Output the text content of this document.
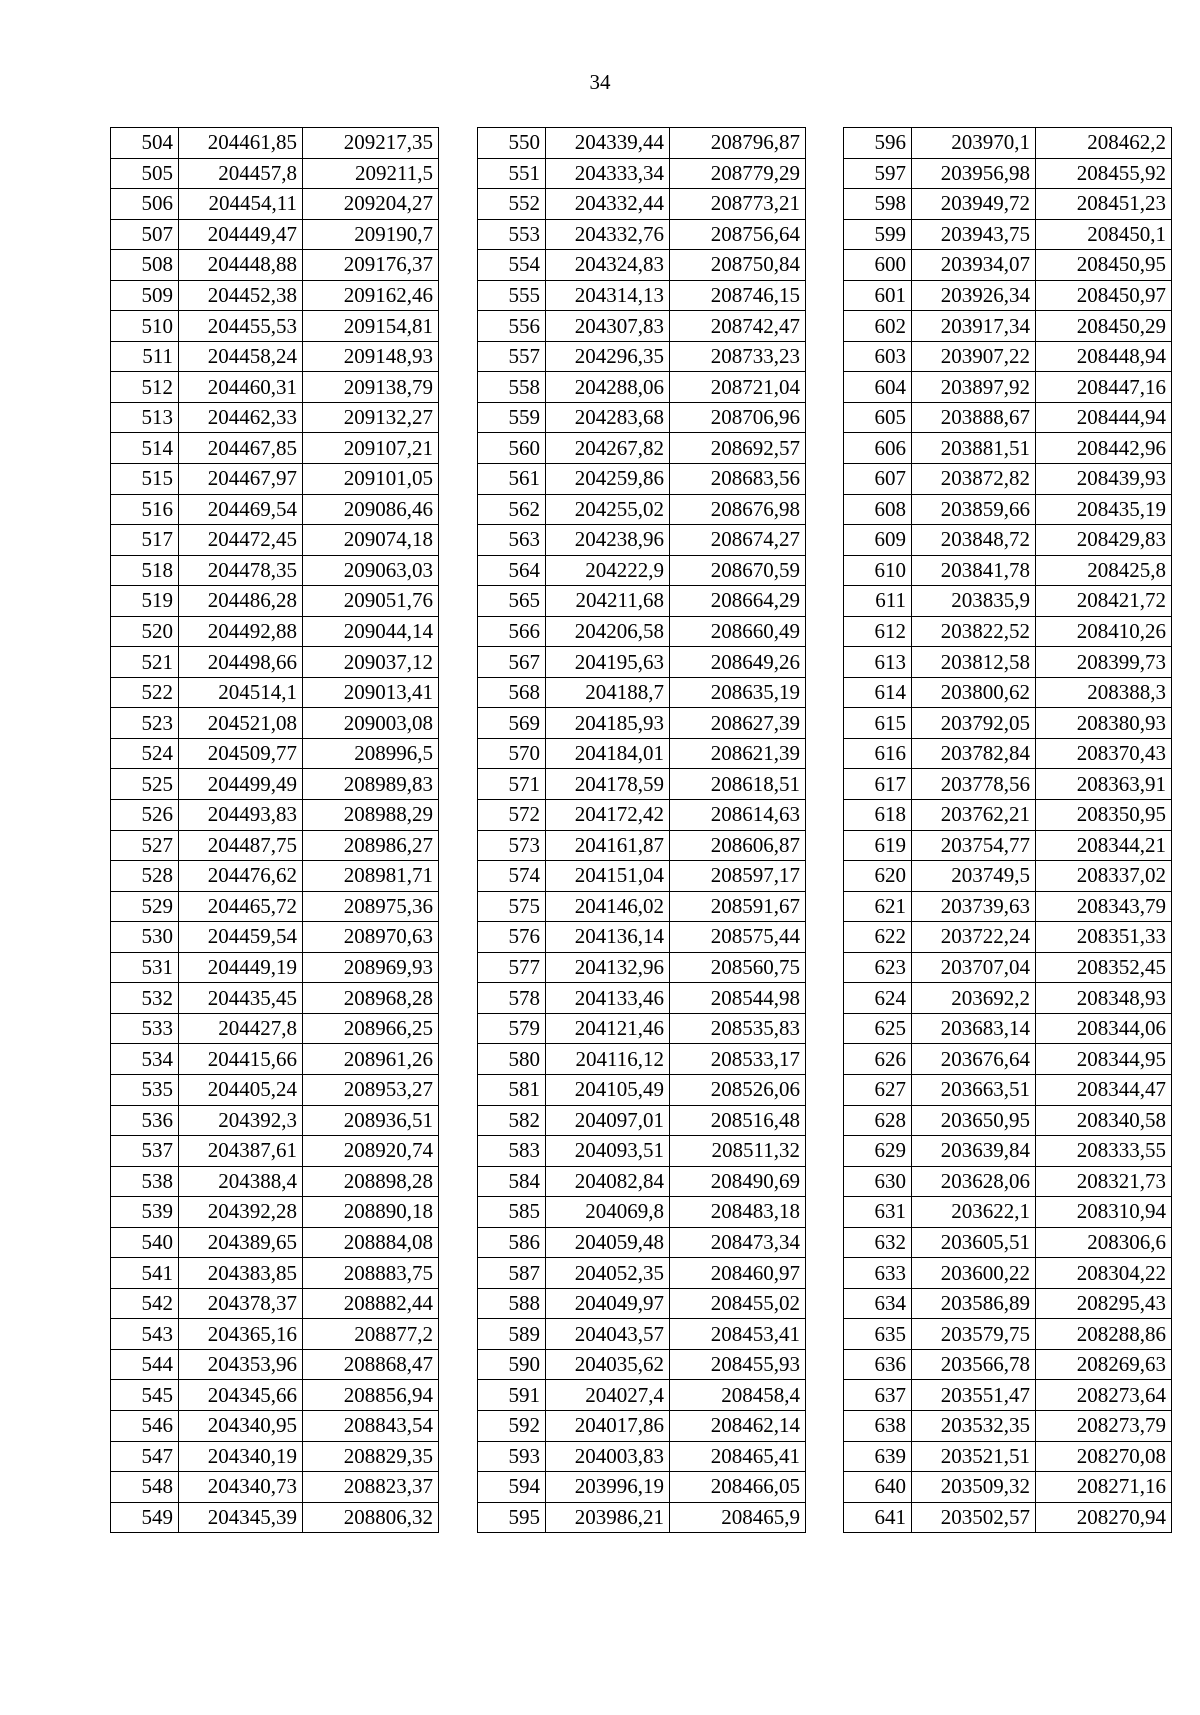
34
504	204461,85	209217,35
505	204457,8	209211,5
506	204454,11	209204,27
507	204449,47	209190,7
508	204448,88	209176,37
509	204452,38	209162,46
510	204455,53	209154,81
511	204458,24	209148,93
512	204460,31	209138,79
513	204462,33	209132,27
514	204467,85	209107,21
515	204467,97	209101,05
516	204469,54	209086,46
517	204472,45	209074,18
518	204478,35	209063,03
519	204486,28	209051,76
520	204492,88	209044,14
521	204498,66	209037,12
522	204514,1	209013,41
523	204521,08	209003,08
524	204509,77	208996,5
525	204499,49	208989,83
526	204493,83	208988,29
527	204487,75	208986,27
528	204476,62	208981,71
529	204465,72	208975,36
530	204459,54	208970,63
531	204449,19	208969,93
532	204435,45	208968,28
533	204427,8	208966,25
534	204415,66	208961,26
535	204405,24	208953,27
536	204392,3	208936,51
537	204387,61	208920,74
538	204388,4	208898,28
539	204392,28	208890,18
540	204389,65	208884,08
541	204383,85	208883,75
542	204378,37	208882,44
543	204365,16	208877,2
544	204353,96	208868,47
545	204345,66	208856,94
546	204340,95	208843,54
547	204340,19	208829,35
548	204340,73	208823,37
549	204345,39	208806,32
550	204339,44	208796,87
551	204333,34	208779,29
552	204332,44	208773,21
553	204332,76	208756,64
554	204324,83	208750,84
555	204314,13	208746,15
556	204307,83	208742,47
557	204296,35	208733,23
558	204288,06	208721,04
559	204283,68	208706,96
560	204267,82	208692,57
561	204259,86	208683,56
562	204255,02	208676,98
563	204238,96	208674,27
564	204222,9	208670,59
565	204211,68	208664,29
566	204206,58	208660,49
567	204195,63	208649,26
568	204188,7	208635,19
569	204185,93	208627,39
570	204184,01	208621,39
571	204178,59	208618,51
572	204172,42	208614,63
573	204161,87	208606,87
574	204151,04	208597,17
575	204146,02	208591,67
576	204136,14	208575,44
577	204132,96	208560,75
578	204133,46	208544,98
579	204121,46	208535,83
580	204116,12	208533,17
581	204105,49	208526,06
582	204097,01	208516,48
583	204093,51	208511,32
584	204082,84	208490,69
585	204069,8	208483,18
586	204059,48	208473,34
587	204052,35	208460,97
588	204049,97	208455,02
589	204043,57	208453,41
590	204035,62	208455,93
591	204027,4	208458,4
592	204017,86	208462,14
593	204003,83	208465,41
594	203996,19	208466,05
595	203986,21	208465,9
596	203970,1	208462,2
597	203956,98	208455,92
598	203949,72	208451,23
599	203943,75	208450,1
600	203934,07	208450,95
601	203926,34	208450,97
602	203917,34	208450,29
603	203907,22	208448,94
604	203897,92	208447,16
605	203888,67	208444,94
606	203881,51	208442,96
607	203872,82	208439,93
608	203859,66	208435,19
609	203848,72	208429,83
610	203841,78	208425,8
611	203835,9	208421,72
612	203822,52	208410,26
613	203812,58	208399,73
614	203800,62	208388,3
615	203792,05	208380,93
616	203782,84	208370,43
617	203778,56	208363,91
618	203762,21	208350,95
619	203754,77	208344,21
620	203749,5	208337,02
621	203739,63	208343,79
622	203722,24	208351,33
623	203707,04	208352,45
624	203692,2	208348,93
625	203683,14	208344,06
626	203676,64	208344,95
627	203663,51	208344,47
628	203650,95	208340,58
629	203639,84	208333,55
630	203628,06	208321,73
631	203622,1	208310,94
632	203605,51	208306,6
633	203600,22	208304,22
634	203586,89	208295,43
635	203579,75	208288,86
636	203566,78	208269,63
637	203551,47	208273,64
638	203532,35	208273,79
639	203521,51	208270,08
640	203509,32	208271,16
641	203502,57	208270,94
